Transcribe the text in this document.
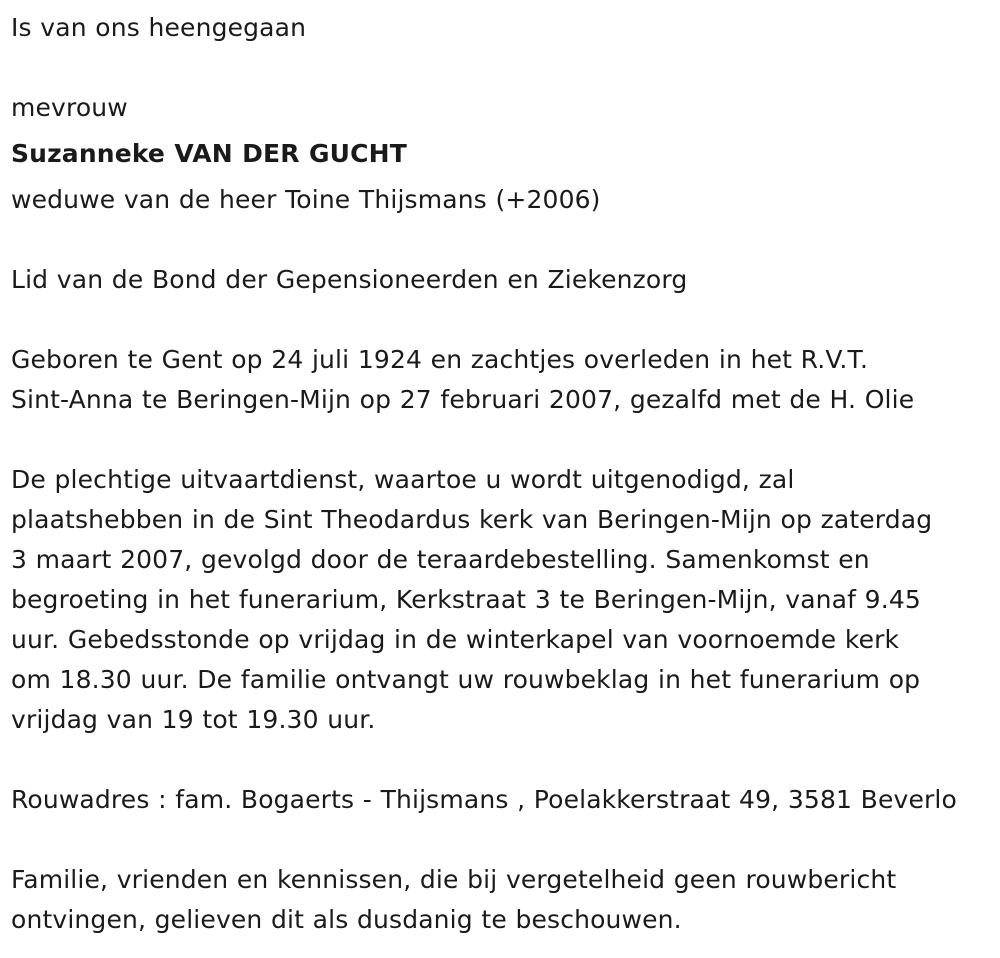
Is van ons heengegaan
mevrouw
Suzanneke VAN DER GUCHT
weduwe van de heer Toine Thijsmans (+2006)
Lid van de Bond der Gepensioneerden en Ziekenzorg
Geboren te Gent op 24 juli 1924 en zachtjes overleden in het R.V.T.
Sint-Anna te Beringen-Mijn op 27 februari 2007, gezalfd met de H. Olie
De plechtige uitvaartdienst, waartoe u wordt uitgenodigd, zal
plaatshebben in de Sint Theodardus kerk van Beringen-Mijn op zaterdag
3 maart 2007, gevolgd door de teraardebestelling. Samenkomst en
begroeting in het funerarium, Kerkstraat 3 te Beringen-Mijn, vanaf 9.45
uur. Gebedsstonde op vrijdag in de winterkapel van voornoemde kerk
om 18.30 uur. De familie ontvangt uw rouwbeklag in het funerarium op
vrijdag van 19 tot 19.30 uur.
Rouwadres : fam. Bogaerts - Thijsmans , Poelakkerstraat 49, 3581 Beverlo
Familie, vrienden en kennissen, die bij vergetelheid geen rouwbericht
ontvingen, gelieven dit als dusdanig te beschouwen.
